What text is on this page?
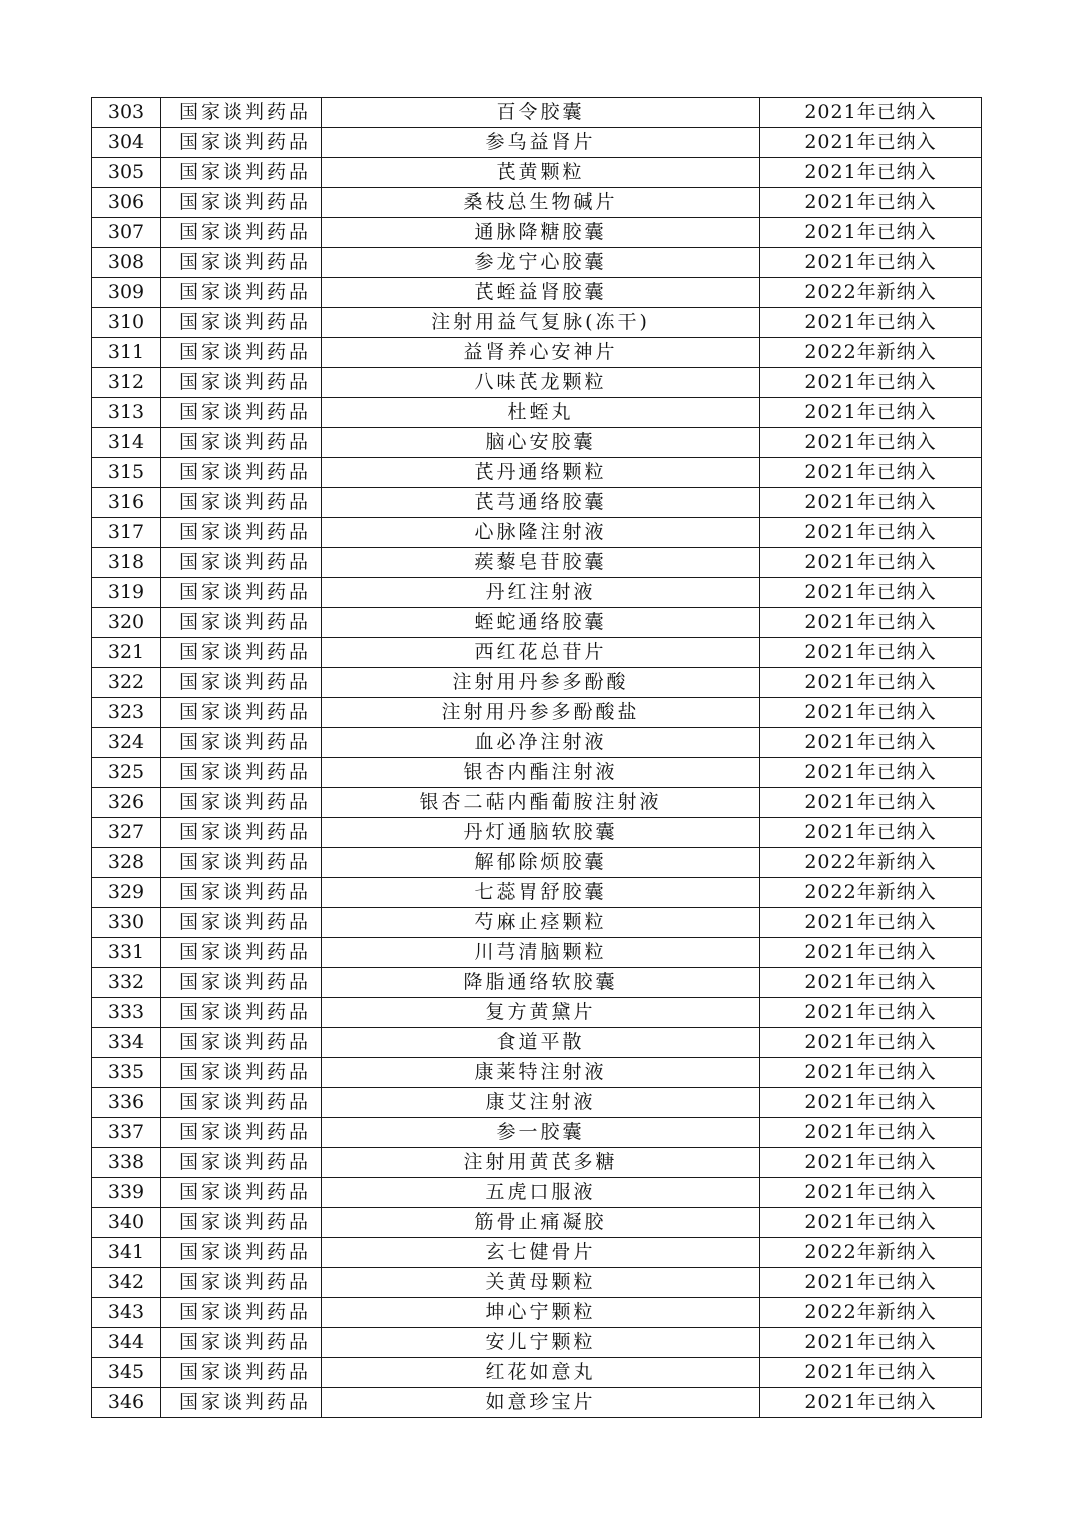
303	国家谈判药品	百令胶囊	2021年已纳入
304	国家谈判药品	参乌益肾片	2021年已纳入
305	国家谈判药品	芪黄颗粒	2021年已纳入
306	国家谈判药品	桑枝总生物碱片	2021年已纳入
307	国家谈判药品	通脉降糖胶囊	2021年已纳入
308	国家谈判药品	参龙宁心胶囊	2021年已纳入
309	国家谈判药品	芪蛭益肾胶囊	2022年新纳入
310	国家谈判药品	注射用益气复脉(冻干)	2021年已纳入
311	国家谈判药品	益肾养心安神片	2022年新纳入
312	国家谈判药品	八味芪龙颗粒	2021年已纳入
313	国家谈判药品	杜蛭丸	2021年已纳入
314	国家谈判药品	脑心安胶囊	2021年已纳入
315	国家谈判药品	芪丹通络颗粒	2021年已纳入
316	国家谈判药品	芪芎通络胶囊	2021年已纳入
317	国家谈判药品	心脉隆注射液	2021年已纳入
318	国家谈判药品	蒺藜皂苷胶囊	2021年已纳入
319	国家谈判药品	丹红注射液	2021年已纳入
320	国家谈判药品	蛭蛇通络胶囊	2021年已纳入
321	国家谈判药品	西红花总苷片	2021年已纳入
322	国家谈判药品	注射用丹参多酚酸	2021年已纳入
323	国家谈判药品	注射用丹参多酚酸盐	2021年已纳入
324	国家谈判药品	血必净注射液	2021年已纳入
325	国家谈判药品	银杏内酯注射液	2021年已纳入
326	国家谈判药品	银杏二萜内酯葡胺注射液	2021年已纳入
327	国家谈判药品	丹灯通脑软胶囊	2021年已纳入
328	国家谈判药品	解郁除烦胶囊	2022年新纳入
329	国家谈判药品	七蕊胃舒胶囊	2022年新纳入
330	国家谈判药品	芍麻止痉颗粒	2021年已纳入
331	国家谈判药品	川芎清脑颗粒	2021年已纳入
332	国家谈判药品	降脂通络软胶囊	2021年已纳入
333	国家谈判药品	复方黄黛片	2021年已纳入
334	国家谈判药品	食道平散	2021年已纳入
335	国家谈判药品	康莱特注射液	2021年已纳入
336	国家谈判药品	康艾注射液	2021年已纳入
337	国家谈判药品	参一胶囊	2021年已纳入
338	国家谈判药品	注射用黄芪多糖	2021年已纳入
339	国家谈判药品	五虎口服液	2021年已纳入
340	国家谈判药品	筋骨止痛凝胶	2021年已纳入
341	国家谈判药品	玄七健骨片	2022年新纳入
342	国家谈判药品	关黄母颗粒	2021年已纳入
343	国家谈判药品	坤心宁颗粒	2022年新纳入
344	国家谈判药品	安儿宁颗粒	2021年已纳入
345	国家谈判药品	红花如意丸	2021年已纳入
346	国家谈判药品	如意珍宝片	2021年已纳入
